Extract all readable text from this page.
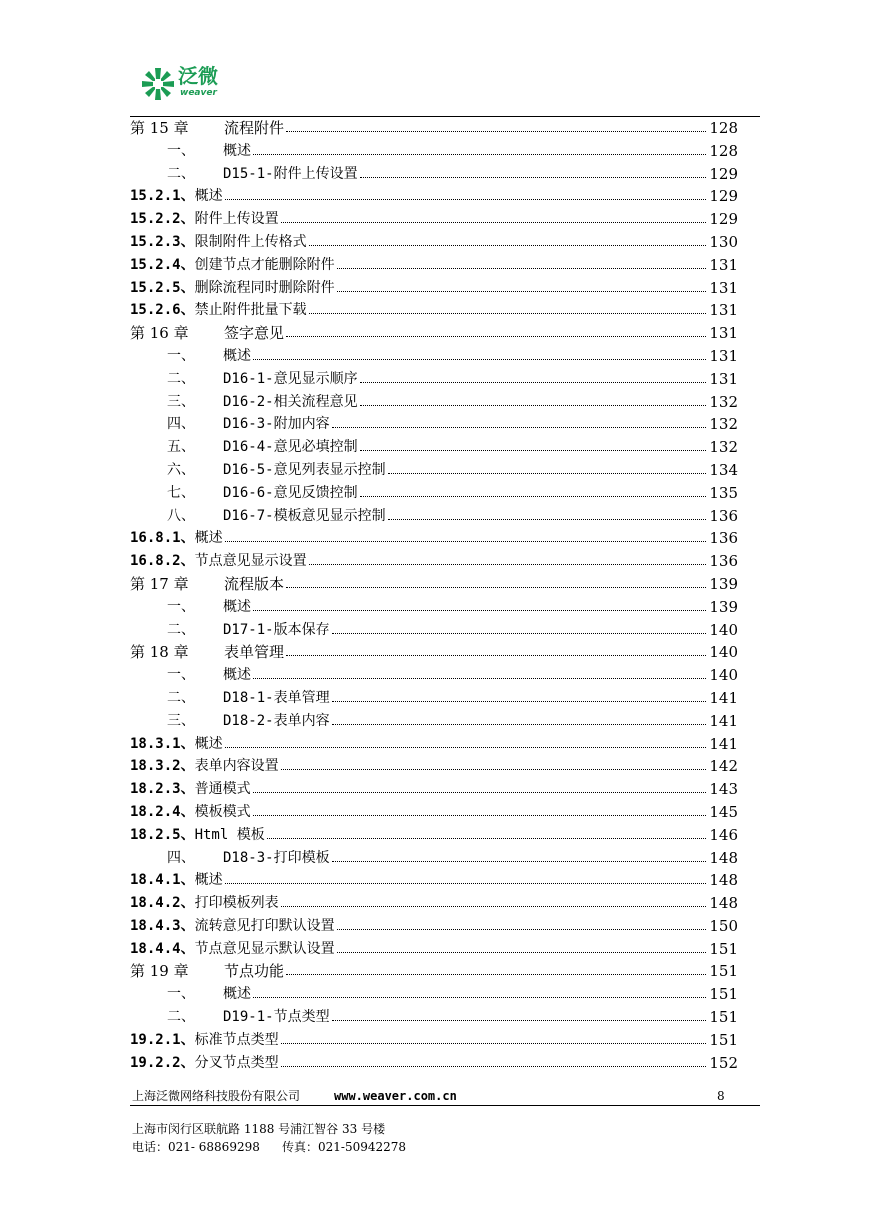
泛微
weaver
第 15 章	流程附件	128
一、	概述	128
二、	D15-1-附件上传设置	129
15.2.1、 概述	129
15.2.2、 附件上传设置	129
15.2.3、 限制附件上传格式	130
15.2.4、 创建节点才能删除附件	131
15.2.5、 删除流程同时删除附件	131
15.2.6、 禁止附件批量下载	131
第 16 章	签字意见	131
一、	概述	131
二、	D16-1-意见显示顺序	131
三、	D16-2-相关流程意见	132
四、	D16-3-附加内容	132
五、	D16-4-意见必填控制	132
六、	D16-5-意见列表显示控制	134
七、	D16-6-意见反馈控制	135
八、	D16-7-模板意见显示控制	136
16.8.1、 概述	136
16.8.2、 节点意见显示设置	136
第 17 章	流程版本	139
一、	概述	139
二、	D17-1-版本保存	140
第 18 章	表单管理	140
一、	概述	140
二、	D18-1-表单管理	141
三、	D18-2-表单内容	141
18.3.1、 概述	141
18.3.2、 表单内容设置	142
18.2.3、 普通模式	143
18.2.4、 模板模式	145
18.2.5、 Html 模板	146
四、	D18-3-打印模板	148
18.4.1、 概述	148
18.4.2、 打印模板列表	148
18.4.3、 流转意见打印默认设置	150
18.4.4、 节点意见显示默认设置	151
第 19 章	节点功能	151
一、	概述	151
二、	D19-1-节点类型	151
19.2.1、 标准节点类型	151
19.2.2、 分叉节点类型	152
上海泛微网络科技股份有限公司	www.weaver.com.cn	8
上海市闵行区联航路 1188 号浦江智谷 33 号楼
电话：021- 68869298 传真：021-50942278
